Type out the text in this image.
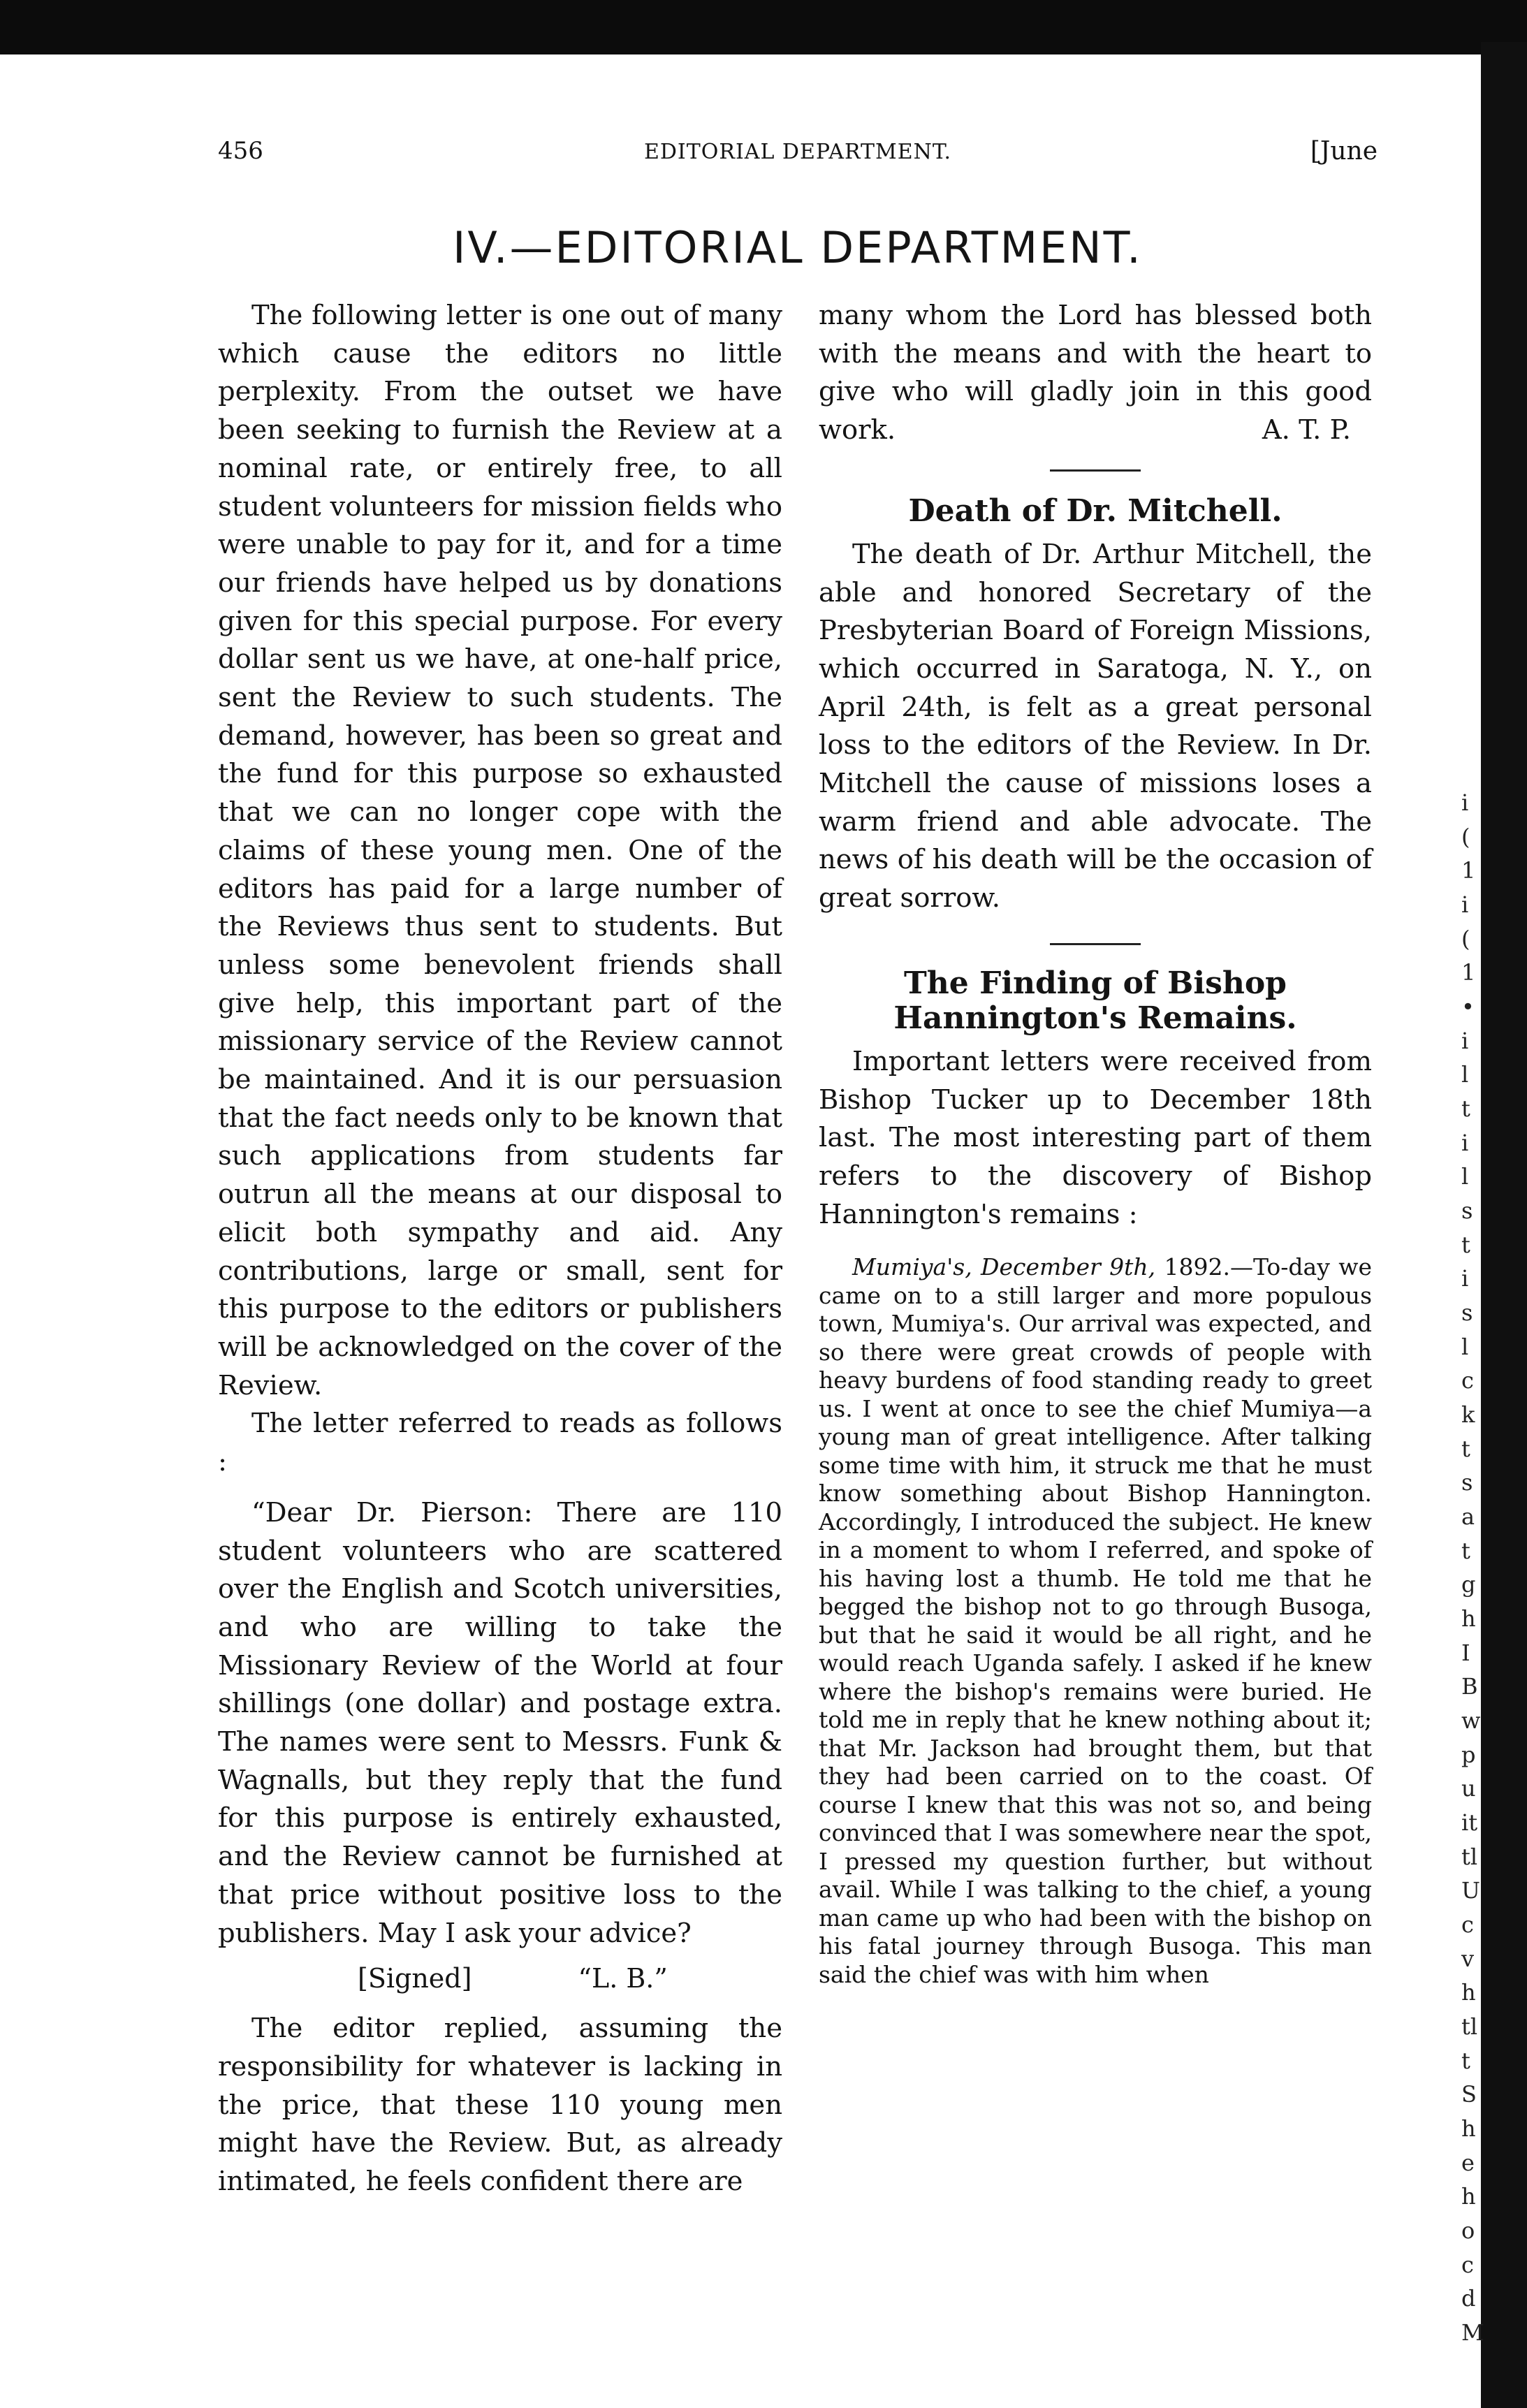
456	EDITORIAL DEPARTMENT.	[June
IV.—EDITORIAL DEPARTMENT.

The following letter is one out of many which cause the editors no little perplexity. From the outset we have been seeking to furnish the Review at a nominal rate, or entirely free, to all student volunteers for mission fields who were unable to pay for it, and for a time our friends have helped us by donations given for this special purpose. For every dollar sent us we have, at one-half price, sent the Review to such students. The demand, however, has been so great and the fund for this purpose so exhausted that we can no longer cope with the claims of these young men. One of the editors has paid for a large number of the Reviews thus sent to students. But unless some benevolent friends shall give help, this important part of the missionary service of the Review cannot be maintained. And it is our persuasion that the fact needs only to be known that such applications from students far outrun all the means at our disposal to elicit both sympathy and aid. Any contributions, large or small, sent for this purpose to the editors or publishers will be acknowledged on the cover of the Review.

The letter referred to reads as follows :

“Dear Dr. Pierson: There are 110 student volunteers who are scattered over the English and Scotch universities, and who are willing to take the Missionary Review of the World at four shillings (one dollar) and postage extra. The names were sent to Messrs. Funk & Wagnalls, but they reply that the fund for this purpose is entirely exhausted, and the Review cannot be furnished at that price without positive loss to the publishers. May I ask your advice?

[Signed]	“L. B.”

The editor replied, assuming the responsibility for whatever is lacking in the price, that these 110 young men might have the Review. But, as already intimated, he feels confident there are

many whom the Lord has blessed both with the means and with the heart to give who will gladly join in this good work.	A. T. P.
Death of Dr. Mitchell.

The death of Dr. Arthur Mitchell, the able and honored Secretary of the Presbyterian Board of Foreign Missions, which occurred in Saratoga, N. Y., on April 24th, is felt as a great personal loss to the editors of the Review. In Dr. Mitchell the cause of missions loses a warm friend and able advocate. The news of his death will be the occasion of great sorrow.

The Finding of Bishop Hannington's Remains.

Important letters were received from Bishop Tucker up to December 18th last. The most interesting part of them refers to the discovery of Bishop Hannington's remains :

Mumiya's, December 9th, 1892.—To-day we came on to a still larger and more populous town, Mumiya's. Our arrival was expected, and so there were great crowds of people with heavy burdens of food standing ready to greet us. I went at once to see the chief Mumiya—a young man of great intelligence. After talking some time with him, it struck me that he must know something about Bishop Hannington. Accordingly, I introduced the subject. He knew in a moment to whom I referred, and spoke of his having lost a thumb. He told me that he begged the bishop not to go through Busoga, but that he said it would be all right, and he would reach Uganda safely. I asked if he knew where the bishop's remains were buried. He told me in reply that he knew nothing about it; that Mr. Jackson had brought them, but that they had been carried on to the coast. Of course I knew that this was not so, and being convinced that I was somewhere near the spot, I pressed my question further, but without avail. While I was talking to the chief, a young man came up who had been with the bishop on his fatal journey through Busoga. This man said the chief was with him when

i
(
1
i
(
1
•
i
l
t
i
l
s
t
i
s
l
c
k
t
s
a
t
g
h
I
B
w
p
u
it
tl
U
c
v
h
tl
t
S
h
e
h
o
c
d
M
